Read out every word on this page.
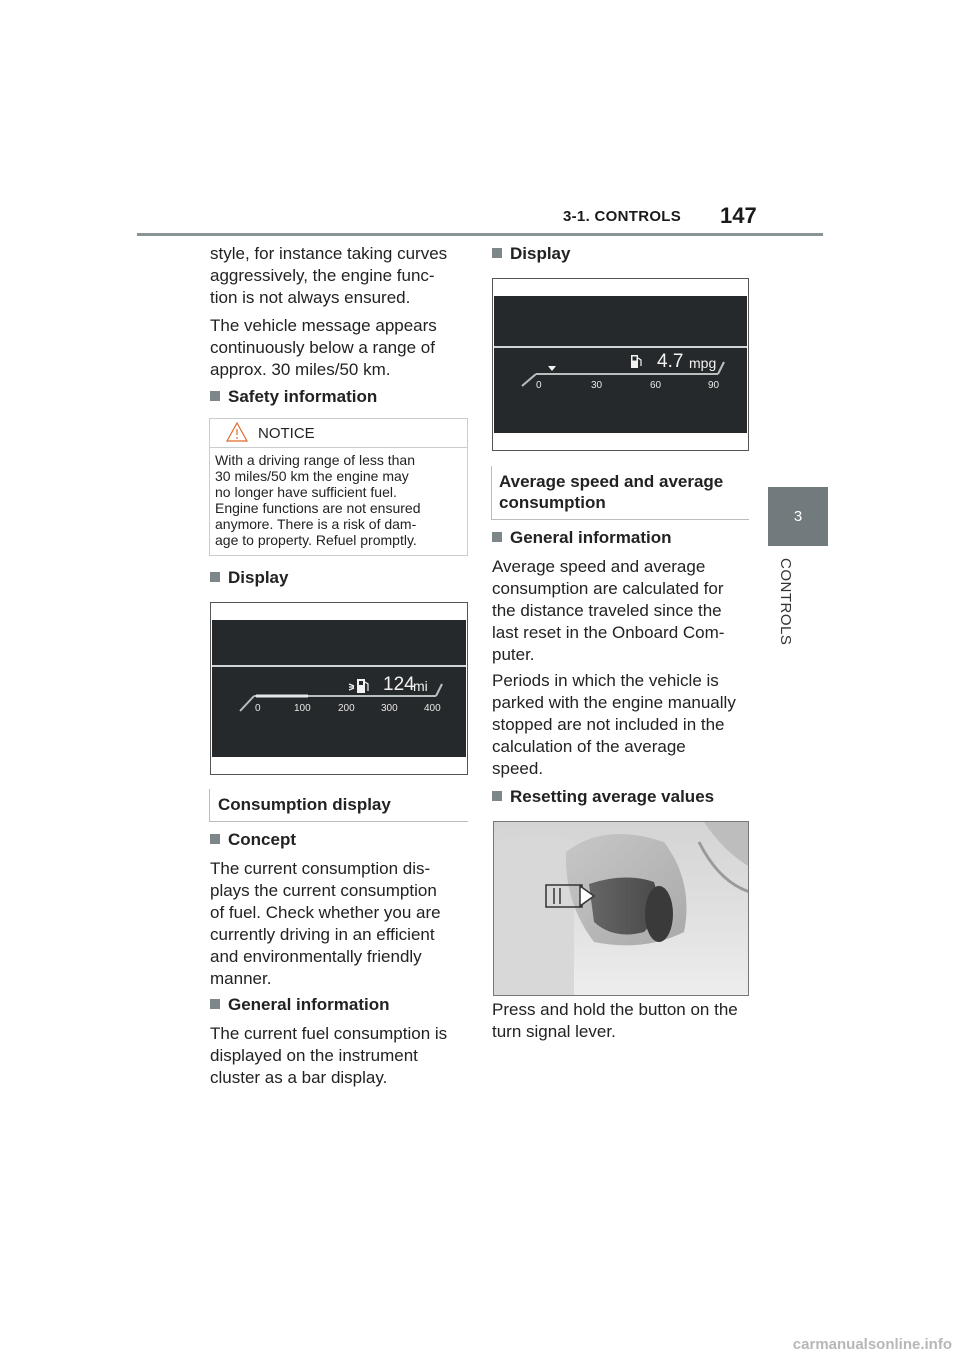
3-1. CONTROLS 147
3
CONTROLS
style, for instance taking curves
aggressively, the engine func-
tion is not always ensured.
The vehicle message appears
continuously below a range of
approx. 30 miles/50 km.
Safety information
NOTICE
With a driving range of less than
30 miles/50 km the engine may
no longer have sufficient fuel.
Engine functions are not ensured
anymore. There is a risk of dam-
age to property. Refuel promptly.
Display
124
mi
0	100	200	300	400
Consumption display
Concept
The current consumption dis-
plays the current consumption
of fuel. Check whether you are
currently driving in an efficient
and environmentally friendly
manner.
General information
The current fuel consumption is
displayed on the instrument
cluster as a bar display.
Display
4.7 mpg
0	30	60	90
Average speed and average
consumption
General information
Average speed and average
consumption are calculated for
the distance traveled since the
last reset in the Onboard Com-
puter.
Periods in which the vehicle is
parked with the engine manually
stopped are not included in the
calculation of the average
speed.
Resetting average values
Press and hold the button on the
turn signal lever.
carmanualsonline.info
